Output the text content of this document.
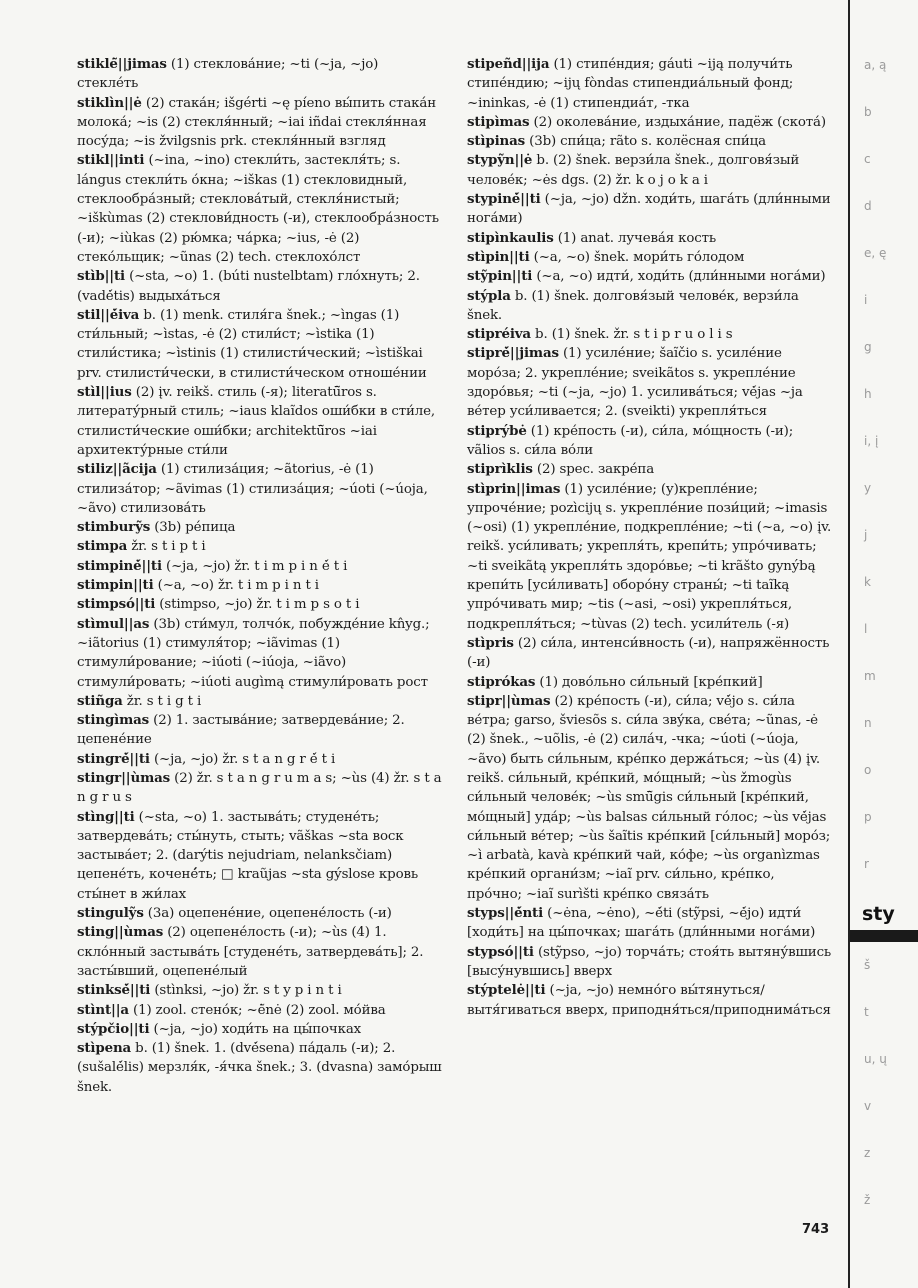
stiklė̃||jimas (1) стеклова́ние; ~ti (~ja, ~jo) стекле́ть

stiklìn||ė (2) стака́н; išgérti ~ę píeno вы́пить стака́н молока́; ~is (2) стекля́нный; ~iai iñdai стекля́нная посу́да; ~is žvilgsnis prk. стекля́нный взгляд

stikl||inti (~ina, ~ino) стекли́ть, застекля́ть; s. lángus стекли́ть о́кна; ~iškas (1) стекловидный, стеклообра́зный; стеклова́тый, стекля́нистый; ~iškùmas (2) стеклови́дность (-и), стеклообра́зность (-и); ~iùkas (2) рю́мка; ча́рка; ~ius, -ė (2) стеко́льщик; ~ũnas (2) tech. стеклохо́лст

stìb||ti (~sta, ~o) 1. (búti nustelbtam) гло́хнуть; 2. (vadė́tis) выдыха́ться

stil||ė́iva b. (1) menk. стиля́га šnek.; ~ìngas (1) сти́льный; ~ìstas, -ė (2) стили́ст; ~ìstika (1) стили́стика; ~ìstinis (1) стилисти́ческий; ~ìstiškai prv. стилисти́чески, в стилисти́ческом отноше́нии

stìl||ius (2) įv. reikš. стиль (-я); literatū̃ros s. литерату́рный стиль; ~iaus klaĩdos оши́бки в сти́ле, стилисти́ческие оши́бки; architektū̃ros ~iai архитекту́рные сти́ли

stiliz||ãcija (1) стилиза́ция; ~ãtorius, -ė (1) стилиза́тор; ~ãvimas (1) стилиза́ция; ~úoti (~úoja, ~ãvo) стилизова́ть

stimburỹs (3b) ре́пица

stimpa žr. s t i p t i

stimpinė́||ti (~ja, ~jo) žr. t i m p i n ė́ t i

stimpin||ti (~a, ~o) žr. t i m p i n t i

stimpsó||ti (stimpso, ~jo) žr. t i m p s o t i

stìmul||as (3b) сти́мул, толчо́к, побужде́ние kn̂yg.; ~iãtorius (1) стимуля́тор; ~iãvimas (1) стимули́рование; ~iúoti (~iúoja, ~iãvo) стимули́ровать; ~iúoti augìmą стимули́ровать рост

stiñga žr. s t i g t i

stingìmas (2) 1. застыва́ние; затвердева́ние; 2. цепене́ние

stingrė́||ti (~ja, ~jo) žr. s t a n g r ė́ t i

stingr||ùmas (2) žr. s t a n g r u m a s; ~ùs (4) žr. s t a n g r u s

stìng||ti (~sta, ~o) 1. застыва́ть; студене́ть; затвердева́ть; сты́нуть, стыть; vãškas ~sta воск застыва́ет; 2. (darýtis nejudriam, nelanksčiam) цепене́ть, коченé́ть; □ kraũjas ~sta gýslose кровь сты́нет в жи́лах

stingulỹs (3a) оцепене́ние, оцепене́лость (-и)

sting||ùmas (2) оцепене́лость (-и); ~ùs (4) 1. скло́нный застыва́ть [студене́ть, затвердева́ть]; 2. засты́вший, оцепене́лый

stinksė́||ti (stìnksi, ~jo) žr. s t y p i n t i

stìnt||a (1) zool. стено́к; ~ė̃nė (2) zool. мо́йва

stýpčio||ti (~ja, ~jo) ходи́ть на цы́почках

stìpena b. (1) šnek. 1. (dvė́sena) па́даль (-и); 2. (sušalė́lis) мерзля́к, -я́чка šnek.; 3. (dvasna) замо́рыш šnek.

stipeñd||ija (1) стипе́ндия; gáuti ~iją получи́ть стипе́ндию; ~ijų fòndas стипендиа́льный фонд; ~ininkas, -ė (1) стипендиа́т, -тка

stipìmas (2) околева́ние, издыха́ние, падёж (скота́)

stìpinas (3b) спи́ца; rãto s. колёсная спи́ца

stypỹn||ė b. (2) šnek. верзи́ла šnek., долговя́зый челове́к; ~ės dgs. (2) žr. k o j o k a i

stypinė́||ti (~ja, ~jo) džn. ходи́ть, шага́ть (дли́нными нога́ми)

stipìnkaulis (1) anat. лучева́я кость

stìpin||ti (~a, ~o) šnek. мори́ть го́лодом

stỹpin||ti (~a, ~o) идти́, ходи́ть (дли́нными нога́ми)

stýpla b. (1) šnek. долговя́зый челове́к, верзи́ла šnek.

stipréiva b. (1) šnek. žr. s t i p r u o l i s

stiprė́||jimas (1) усиле́ние; šaĩčio s. усиле́ние моро́за; 2. укрепле́ние; sveikãtos s. укрепле́ние здоро́вья; ~ti (~ja, ~jo) 1. усилива́ться; vė́jas ~ja ве́тер уси́ливается; 2. (sveikti) укрепля́ться

stiprýbė (1) кре́пость (-и), си́ла, мо́щность (-и); vãlios s. си́ла во́ли

stiprìklis (2) spec. закре́па

stìprin||imas (1) усиле́ние; (у)крепле́ние; упроче́ние; pozìcijų s. укрепле́ние пози́ций; ~imasis (~osi) (1) укрепле́ние, подкрепле́ние; ~ti (~a, ~o) įv. reikš. уси́ливать; укрепля́ть, крепи́ть; упро́чивать; ~ti sveikãtą укрепля́ть здоро́вье; ~ti krãšto gynýbą крепи́ть [уси́ливать] оборо́ну страны́; ~ti taĩką упро́чивать мир; ~tis (~asi, ~osi) укрепля́ться, подкрепля́ться; ~tùvas (2) tech. усили́тель (-я)

stìpris (2) си́ла, интенси́вность (-и), напряжённость (-и)

stiprókas (1) дово́льно си́льный [кре́пкий]

stipr||ùmas (2) кре́пость (-и), си́ла; vė́jo s. си́ла ве́тра; garso, šviesõs s. си́ла зву́ка, све́та; ~ũnas, -ė (2) šnek., ~uõlis, -ė (2) сила́ч, -чка; ~úoti (~úoja, ~ãvo) быть си́льным, кре́пко держа́ться; ~ùs (4) įv. reikš. си́льный, кре́пкий, мо́щный; ~ùs žmogùs си́льный челове́к; ~ùs smū̃gis си́льный [кре́пкий, мо́щный] уда́р; ~ùs balsas си́льный го́лос; ~ùs vė́jas си́льный ве́тер; ~ùs šaĩtis кре́пкий [си́льный] моро́з; ~ì arbatà, kavà кре́пкий чай, ко́фе; ~ùs organìzmas кре́пкий органи́зм; ~iaĩ prv. си́льно, кре́пко, про́чно; ~iaĩ surìšti кре́пко связа́ть

styps||ė́nti (~ėna, ~ėno), ~ė́ti (stỹpsi, ~ė́jo) идти́ [ходи́ть] на цы́почках; шага́ть (дли́нными нога́ми)

stypsó||ti (stỹpso, ~jo) торча́ть; стоя́ть вытяну́вшись [высу́нувшись] вверх

stýptelė||ti (~ja, ~jo) немно́го вы́тянуться/вытя́гиваться вверх, приподня́ться/приподнима́ться

a, ą
b
c
d
e, ę
i
g
h
i, į
y
j
k
l
m
n
o
p
r
sty
š
t
u, ų
v
z
ž
743
